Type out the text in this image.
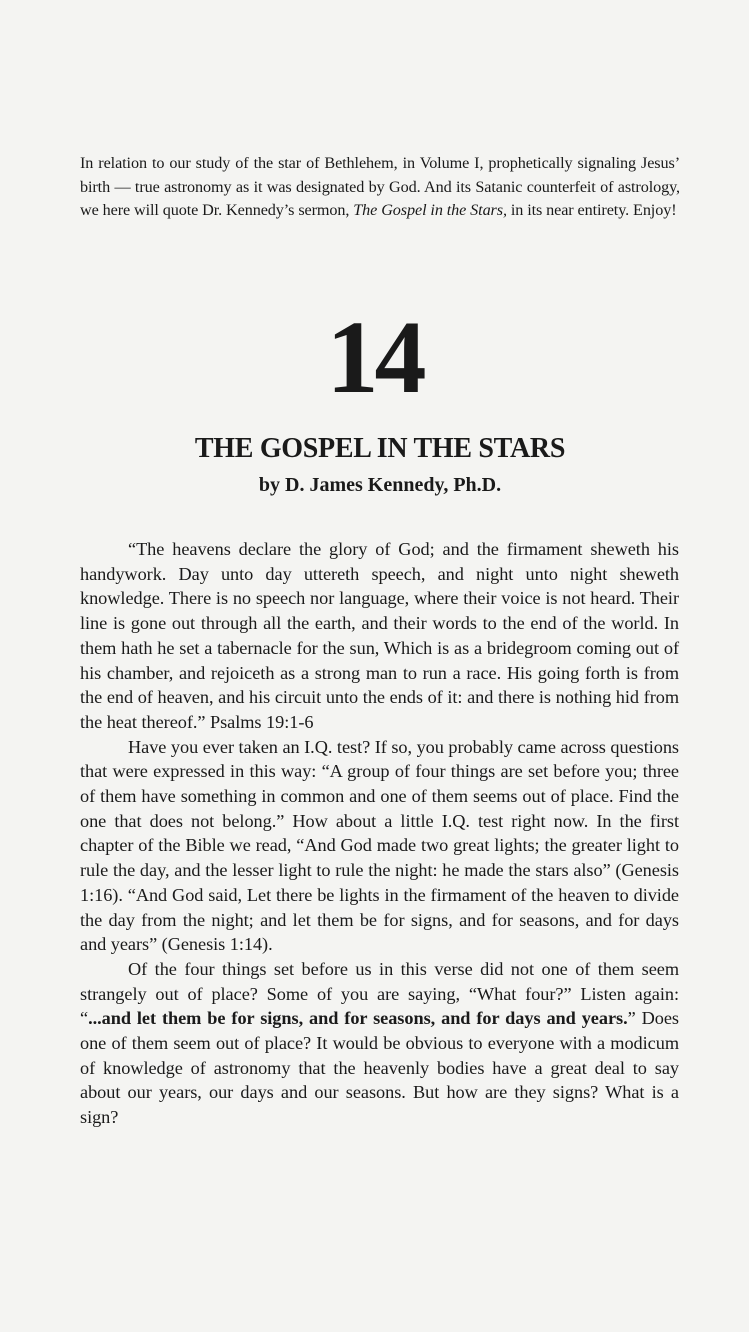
In relation to our study of the star of Bethlehem, in Volume I, prophetically signaling Jesus’ birth — true astronomy as it was designated by God. And its Satanic counterfeit of astrology, we here will quote Dr. Kennedy’s sermon, The Gospel in the Stars, in its near entirety. Enjoy!
14
THE GOSPEL IN THE STARS
by D. James Kennedy, Ph.D.

“The heavens declare the glory of God; and the firmament sheweth his handywork. Day unto day uttereth speech, and night unto night sheweth knowledge. There is no speech nor language, where their voice is not heard. Their line is gone out through all the earth, and their words to the end of the world. In them hath he set a tabernacle for the sun, Which is as a bridegroom coming out of his chamber, and rejoiceth as a strong man to run a race. His going forth is from the end of heaven, and his circuit unto the ends of it: and there is nothing hid from the heat thereof.” Psalms 19:1-6

Have you ever taken an I.Q. test? If so, you probably came across questions that were expressed in this way: “A group of four things are set before you; three of them have something in common and one of them seems out of place. Find the one that does not belong.” How about a little I.Q. test right now. In the first chapter of the Bible we read, “And God made two great lights; the greater light to rule the day, and the lesser light to rule the night: he made the stars also” (Genesis 1:16). “And God said, Let there be lights in the firmament of the heaven to divide the day from the night; and let them be for signs, and for seasons, and for days and years” (Genesis 1:14).

Of the four things set before us in this verse did not one of them seem strangely out of place? Some of you are saying, “What four?” Listen again: “...and let them be for signs, and for seasons, and for days and years.” Does one of them seem out of place? It would be obvious to everyone with a modicum of knowledge of astronomy that the heavenly bodies have a great deal to say about our years, our days and our seasons. But how are they signs? What is a sign?
